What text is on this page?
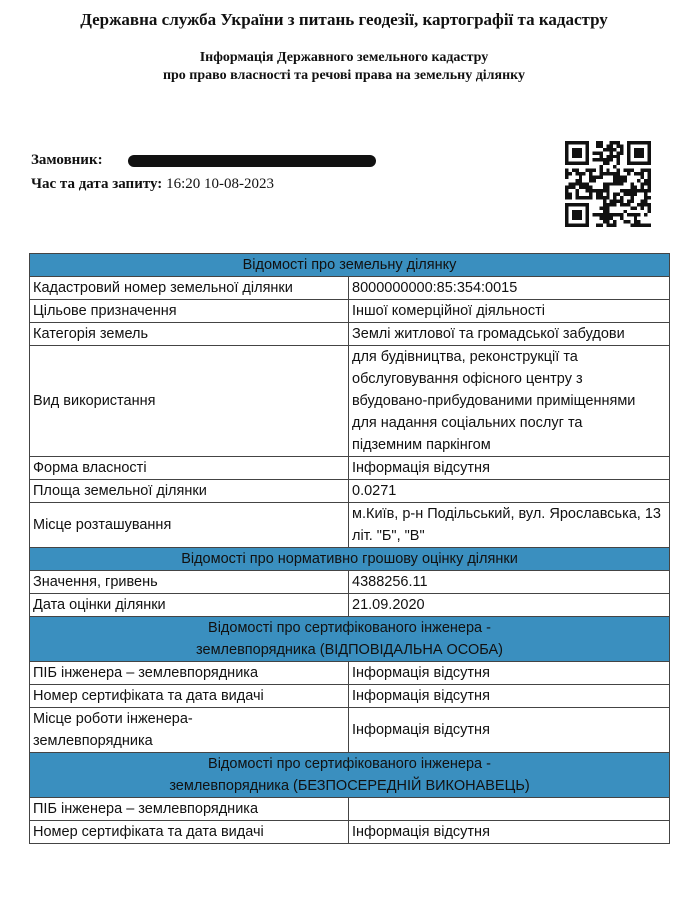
Державна служба України з питань геодезії, картографії та кадастру
Інформація Державного земельного кадастру
про право власності та речові права на земельну ділянку
Замовник:
Час та дата запиту: 16:20 10-08-2023
Відомості про земельну ділянку	
Кадастровий номер земельної ділянки	8000000000:85:354:0015
Цільове призначення	Іншої комерційної діяльності
Категорія земель	Землі житлової та громадської забудови
Вид використання	для будівництва, реконструкції та обслуговування офісного центру з вбудовано-прибудованими приміщеннями для надання соціальних послуг та підземним паркінгом
Форма власності	Інформація відсутня
Площа земельної ділянки	0.0271
Місце розташування	м.Київ, р-н Подільський, вул. Ярославська, 13 літ. "Б", "В"
Відомості про нормативно грошову оцінку ділянки	
Значення, гривень	4388256.11
Дата оцінки ділянки	21.09.2020

Відомості про сертифікованого інженера -
землевпорядника (ВІДПОВІДАЛЬНА ОСОБА)	

ПІБ інженера – землевпорядника	Інформація відсутня
Номер сертифіката та дата видачі	Інформація відсутня
Місце роботи інженера-землевпорядника	Інформація відсутня

Відомості про сертифікованого інженера -
землевпорядника (БЕЗПОСЕРЕДНІЙ ВИКОНАВЕЦЬ)	

ПІБ інженера – землевпорядника	
Номер сертифіката та дата видачі	Інформація відсутня
